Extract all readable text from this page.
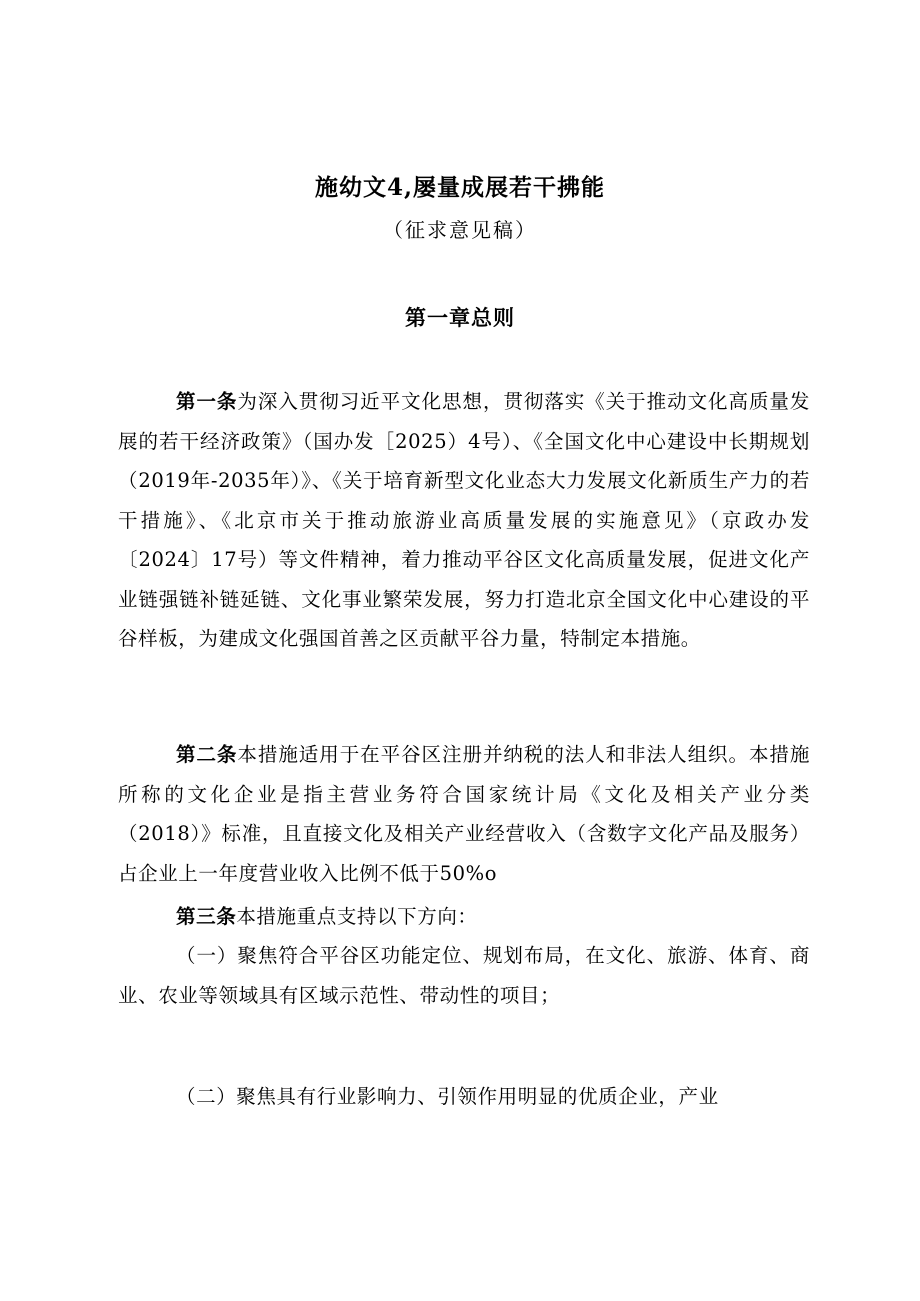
施幼文4,屡量成展若干拂能
（征求意见稿）
第一章总则
第一条为深入贯彻习近平文化思想，贯彻落实《关于推动文化高质量发展的若干经济政策》（国办发［2025）4号）、《全国文化中心建设中长期规划（2019年-2035年）》、《关于培育新型文化业态大力发展文化新质生产力的若干措施》、《北京市关于推动旅游业高质量发展的实施意见》（京政办发〔2024〕17号）等文件精神，着力推动平谷区文化高质量发展，促进文化产业链强链补链延链、文化事业繁荣发展，努力打造北京全国文化中心建设的平谷样板，为建成文化强国首善之区贡献平谷力量，特制定本措施。
第二条本措施适用于在平谷区注册并纳税的法人和非法人组织。本措施所称的文化企业是指主营业务符合国家统计局《文化及相关产业分类（2018）》标准，且直接文化及相关产业经营收入（含数字文化产品及服务）占企业上一年度营业收入比例不低于50%o
第三条本措施重点支持以下方向：
（一）聚焦符合平谷区功能定位、规划布局，在文化、旅游、体育、商业、农业等领域具有区域示范性、带动性的项目；
（二）聚焦具有行业影响力、引领作用明显的优质企业，产业
